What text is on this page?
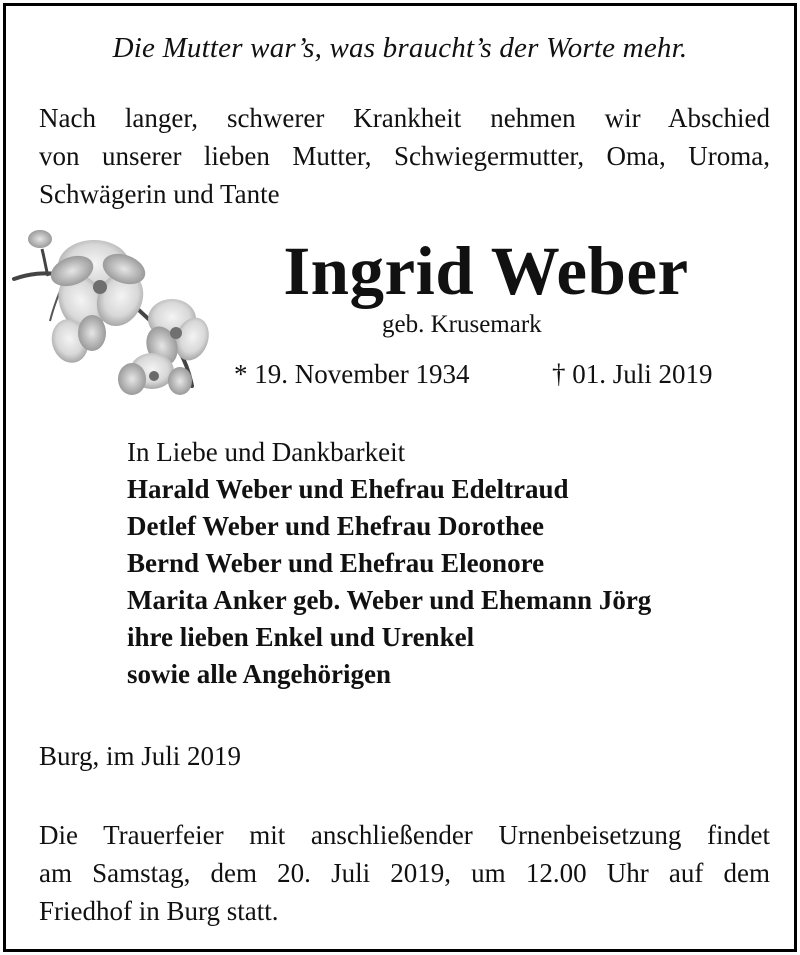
Die Mutter war’s, was braucht’s der Worte mehr.
Nach langer, schwerer Krankheit nehmen wir Abschied
von unserer lieben Mutter, Schwiegermutter, Oma, Uroma,
Schwägerin und Tante
Ingrid Weber
geb. Krusemark
* 19. November 1934	† 01. Juli 2019
In Liebe und Dankbarkeit
Harald Weber und Ehefrau Edeltraud
Detlef Weber und Ehefrau Dorothee
Bernd Weber und Ehefrau Eleonore
Marita Anker geb. Weber und Ehemann Jörg
ihre lieben Enkel und Urenkel
sowie alle Angehörigen
Burg, im Juli 2019
Die Trauerfeier mit anschließender Urnenbeisetzung findet
am Samstag, dem 20. Juli 2019, um 12.00 Uhr auf dem
Friedhof in Burg statt.
